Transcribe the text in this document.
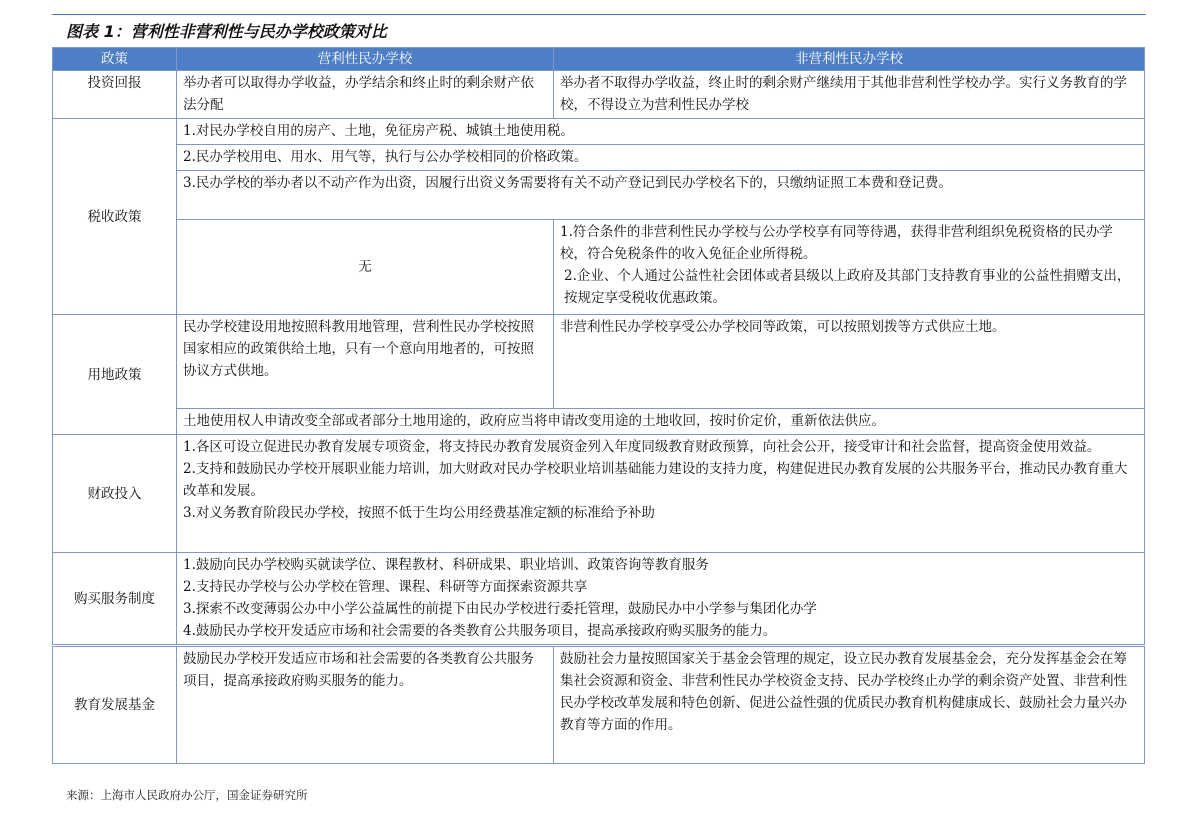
图表 1：营利性非营利性与民办学校政策对比
政策	营利性民办学校	非营利性民办学校
投资回报	举办者可以取得办学收益，办学结余和终止时的剩余财产依法分配	举办者不取得办学收益，终止时的剩余财产继续用于其他非营利性学校办学。实行义务教育的学校，不得设立为营利性民办学校
税收政策	1.对民办学校自用的房产、土地，免征房产税、城镇土地使用税。	
	2.民办学校用电、用水、用气等，执行与公办学校相同的价格政策。	
	3.民办学校的举办者以不动产作为出资，因履行出资义务需要将有关不动产登记到民办学校名下的，只缴纳证照工本费和登记费。	
	无	1.符合条件的非营利性民办学校与公办学校享有同等待遇，获得非营利组织免税资格的民办学校，符合免税条件的收入免征企业所得税。
2.企业、个人通过公益性社会团体或者县级以上政府及其部门支持教育事业的公益性捐赠支出，按规定享受税收优惠政策。

用地政策	民办学校建设用地按照科教用地管理，营利性民办学校按照国家相应的政策供给土地，只有一个意向用地者的，可按照协议方式供地。	非营利性民办学校享受公办学校同等政策，可以按照划拨等方式供应土地。
	土地使用权人申请改变全部或者部分土地用途的，政府应当将申请改变用途的土地收回，按时价定价，重新依法供应。	
财政投入	1.各区可设立促进民办教育发展专项资金，将支持民办教育发展资金列入年度同级教育财政预算，向社会公开，接受审计和社会监督，提高资金使用效益。
2.支持和鼓励民办学校开展职业能力培训，加大财政对民办学校职业培训基础能力建设的支持力度，构建促进民办教育发展的公共服务平台，推动民办教育重大改革和发展。
3.对义务教育阶段民办学校，按照不低于生均公用经费基准定额的标准给予补助	

购买服务制度	1.鼓励向民办学校购买就读学位、课程教材、科研成果、职业培训、政策咨询等教育服务
2.支持民办学校与公办学校在管理、课程、科研等方面探索资源共享
3.探索不改变薄弱公办中小学公益属性的前提下由民办学校进行委托管理，鼓励民办中小学参与集团化办学
4.鼓励民办学校开发适应市场和社会需要的各类教育公共服务项目，提高承接政府购买服务的能力。	

教育发展基金	鼓励民办学校开发适应市场和社会需要的各类教育公共服务项目，提高承接政府购买服务的能力。	鼓励社会力量按照国家关于基金会管理的规定，设立民办教育发展基金会，充分发挥基金会在筹集社会资源和资金、非营利性民办学校资金支持、民办学校终止办学的剩余资产处置、非营利性民办学校改革发展和特色创新、促进公益性强的优质民办教育机构健康成长、鼓励社会力量兴办教育等方面的作用。
来源：上海市人民政府办公厅，国金证券研究所
